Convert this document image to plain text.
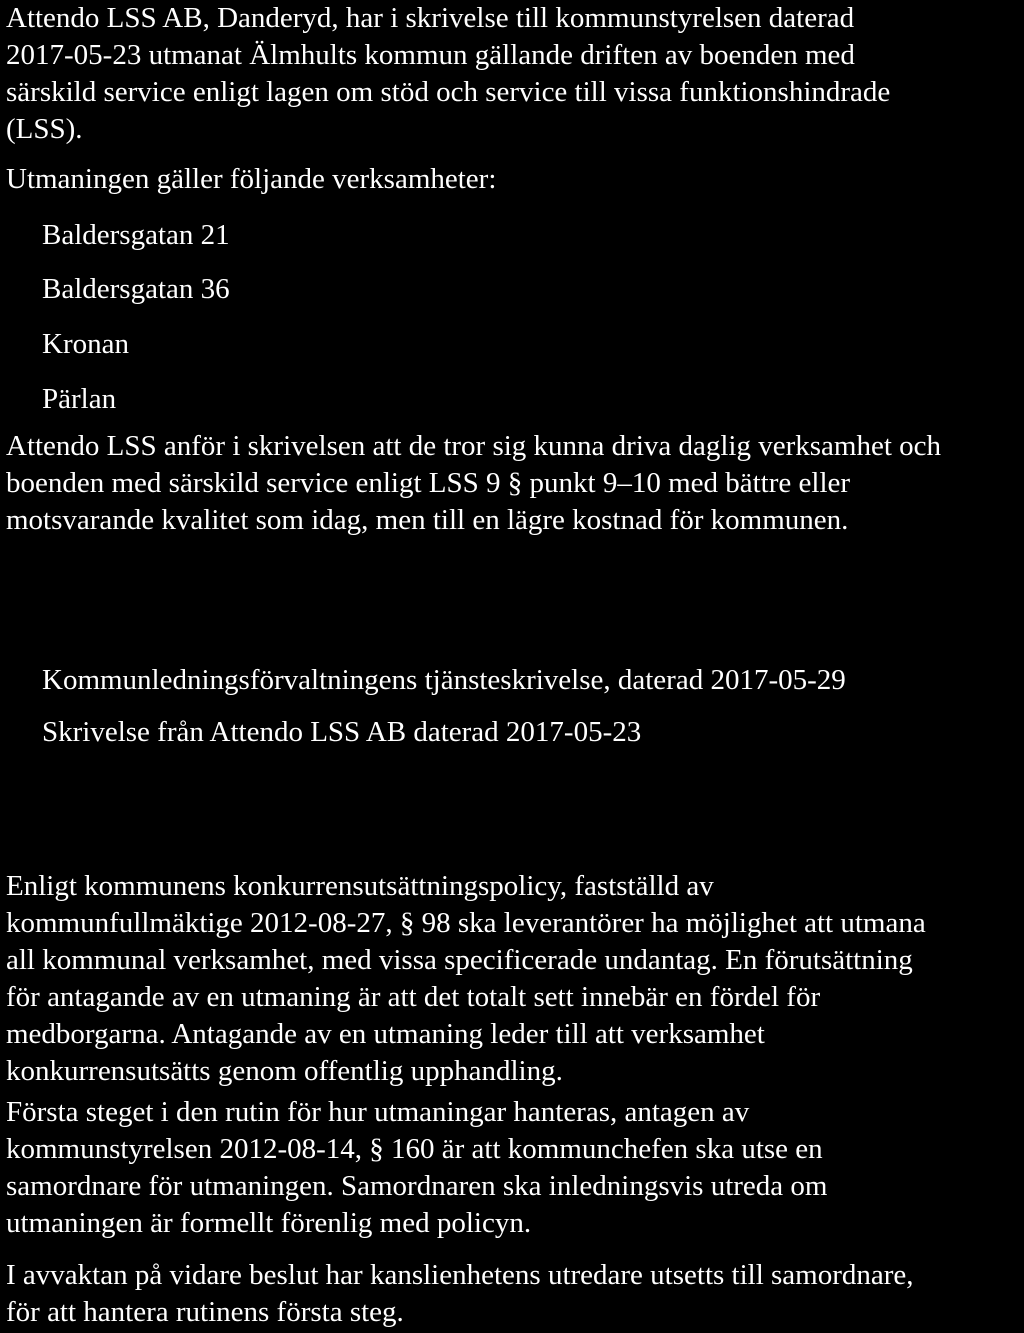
Attendo LSS AB, Danderyd, har i skrivelse till kommunstyrelsen daterad
2017-05-23 utmanat Älmhults kommun gällande driften av boenden med
särskild service enligt lagen om stöd och service till vissa funktionshindrade
(LSS).

Utmaningen gäller följande verksamheter:

Baldersgatan 21

Baldersgatan 36

Kronan

Pärlan

Attendo LSS anför i skrivelsen att de tror sig kunna driva daglig verksamhet och
boenden med särskild service enligt LSS 9 § punkt 9–10 med bättre eller
motsvarande kvalitet som idag, men till en lägre kostnad för kommunen.

Kommunledningsförvaltningens tjänsteskrivelse, daterad 2017-05-29

Skrivelse från Attendo LSS AB daterad 2017-05-23

Enligt kommunens konkurrensutsättningspolicy, fastställd av
kommunfullmäktige 2012-08-27, § 98 ska leverantörer ha möjlighet att utmana
all kommunal verksamhet, med vissa specificerade undantag. En förutsättning
för antagande av en utmaning är att det totalt sett innebär en fördel för
medborgarna. Antagande av en utmaning leder till att verksamhet
konkurrensutsätts genom offentlig upphandling.

Första steget i den rutin för hur utmaningar hanteras, antagen av
kommunstyrelsen 2012-08-14, § 160 är att kommunchefen ska utse en
samordnare för utmaningen. Samordnaren ska inledningsvis utreda om
utmaningen är formellt förenlig med policyn.

I avvaktan på vidare beslut har kanslienhetens utredare utsetts till samordnare,
för att hantera rutinens första steg.
